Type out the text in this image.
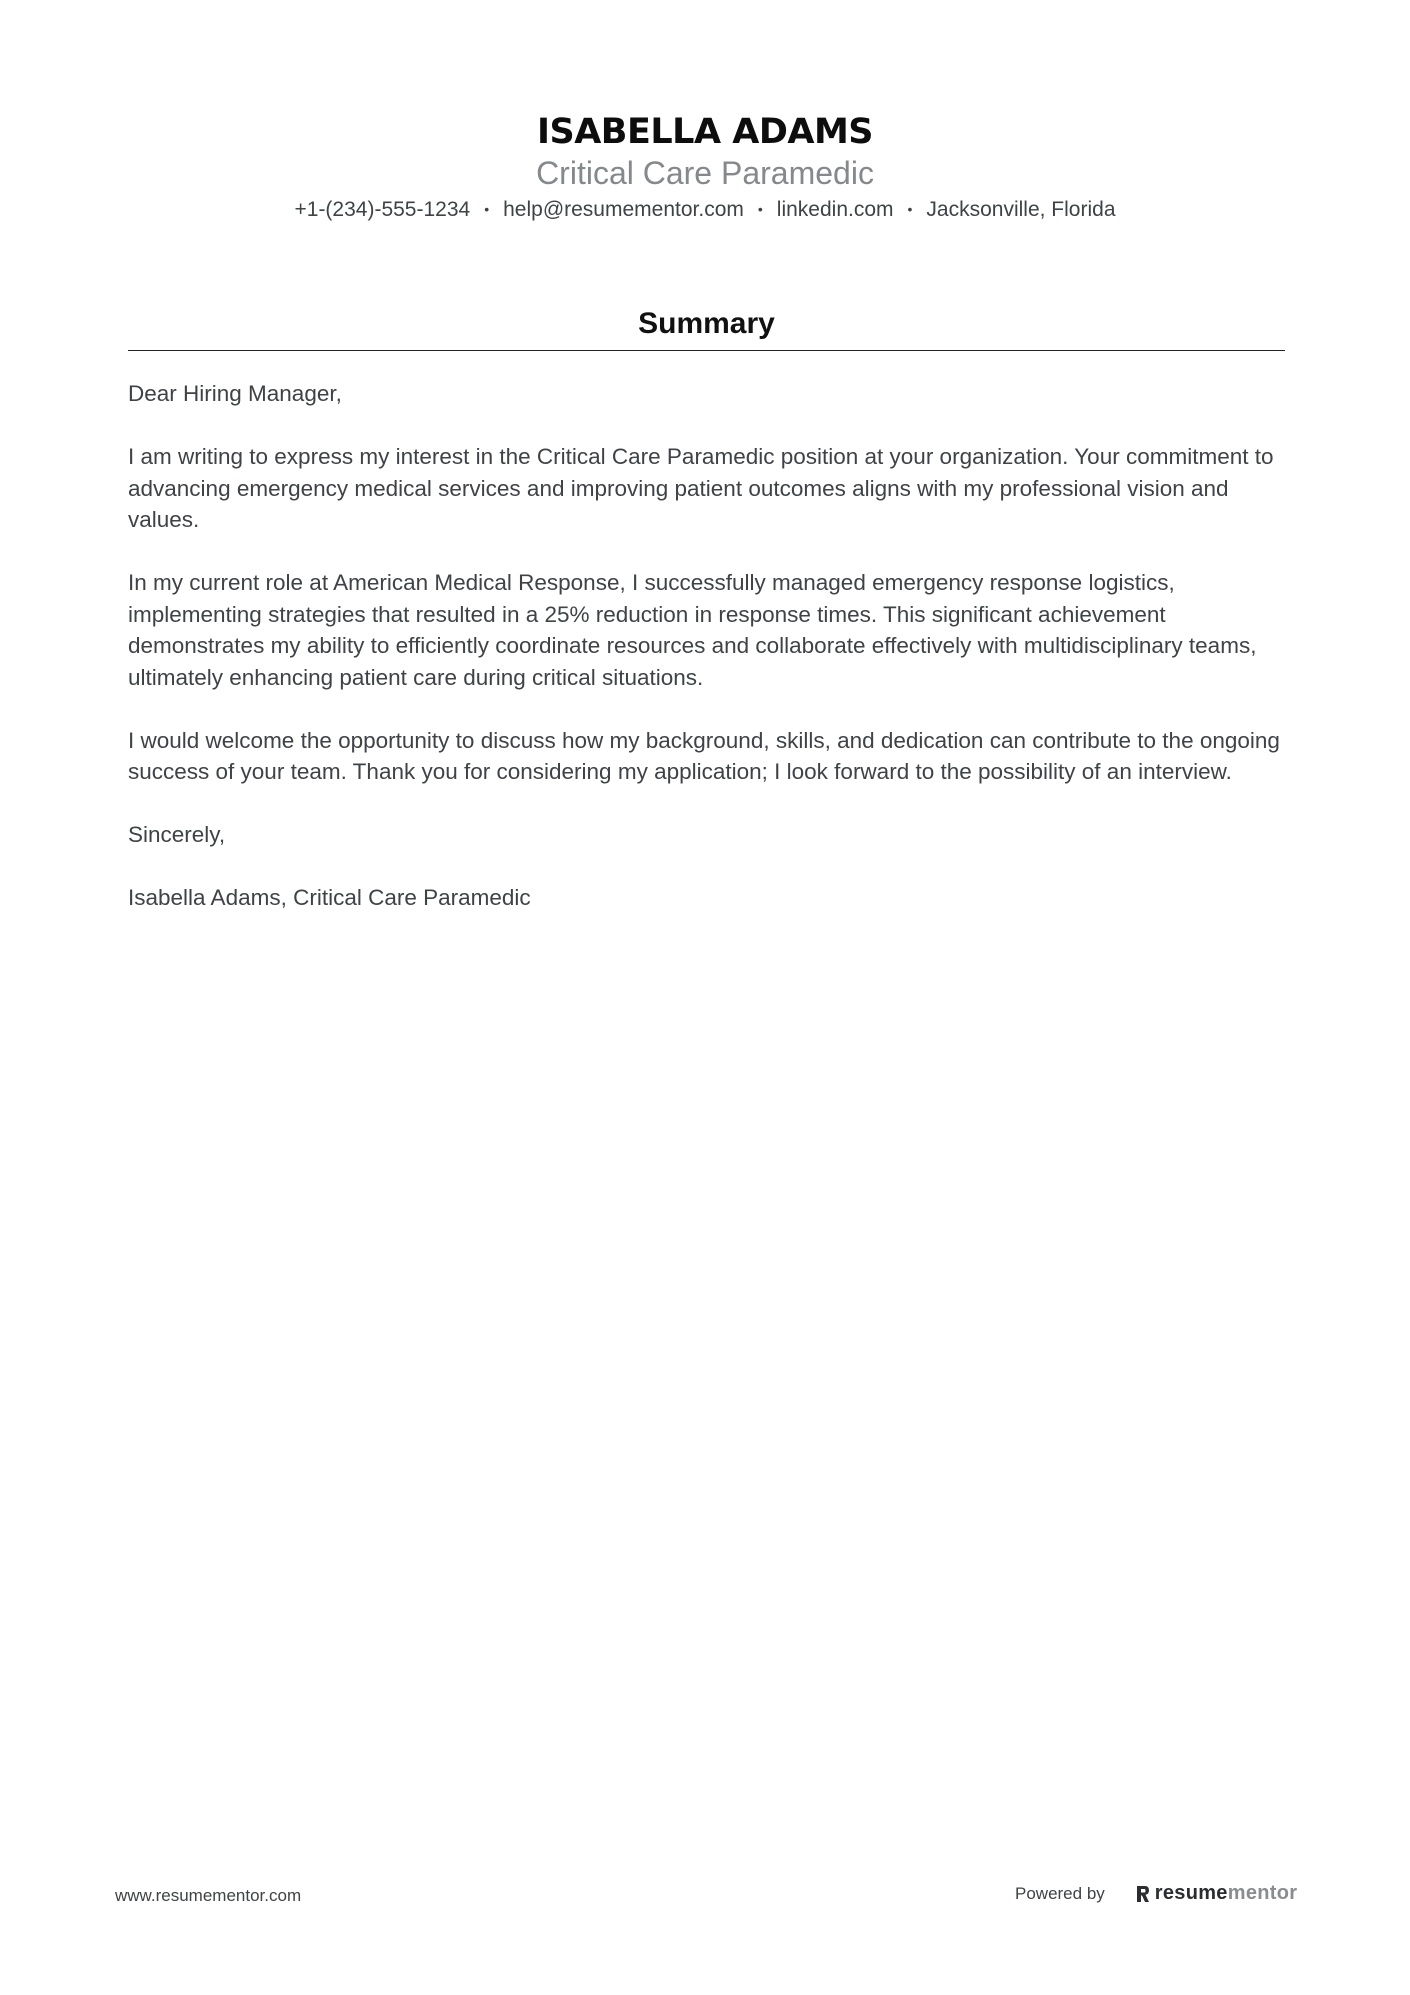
ISABELLA ADAMS
Critical Care Paramedic
+1-(234)-555-1234 • help@resumementor.com • linkedin.com • Jacksonville, Florida
Summary

Dear Hiring Manager,

I am writing to express my interest in the Critical Care Paramedic position at your organization. Your commitment to advancing emergency medical services and improving patient outcomes aligns with my professional vision and values.

In my current role at American Medical Response, I successfully managed emergency response logistics, implementing strategies that resulted in a 25% reduction in response times. This significant achievement demonstrates my ability to efficiently coordinate resources and collaborate effectively with multidisciplinary teams, ultimately enhancing patient care during critical situations.

I would welcome the opportunity to discuss how my background, skills, and dedication can contribute to the ongoing success of your team. Thank you for considering my application; I look forward to the possibility of an interview.

Sincerely,

Isabella Adams, Critical Care Paramedic

www.resumementor.com	Powered by	resume mentor
